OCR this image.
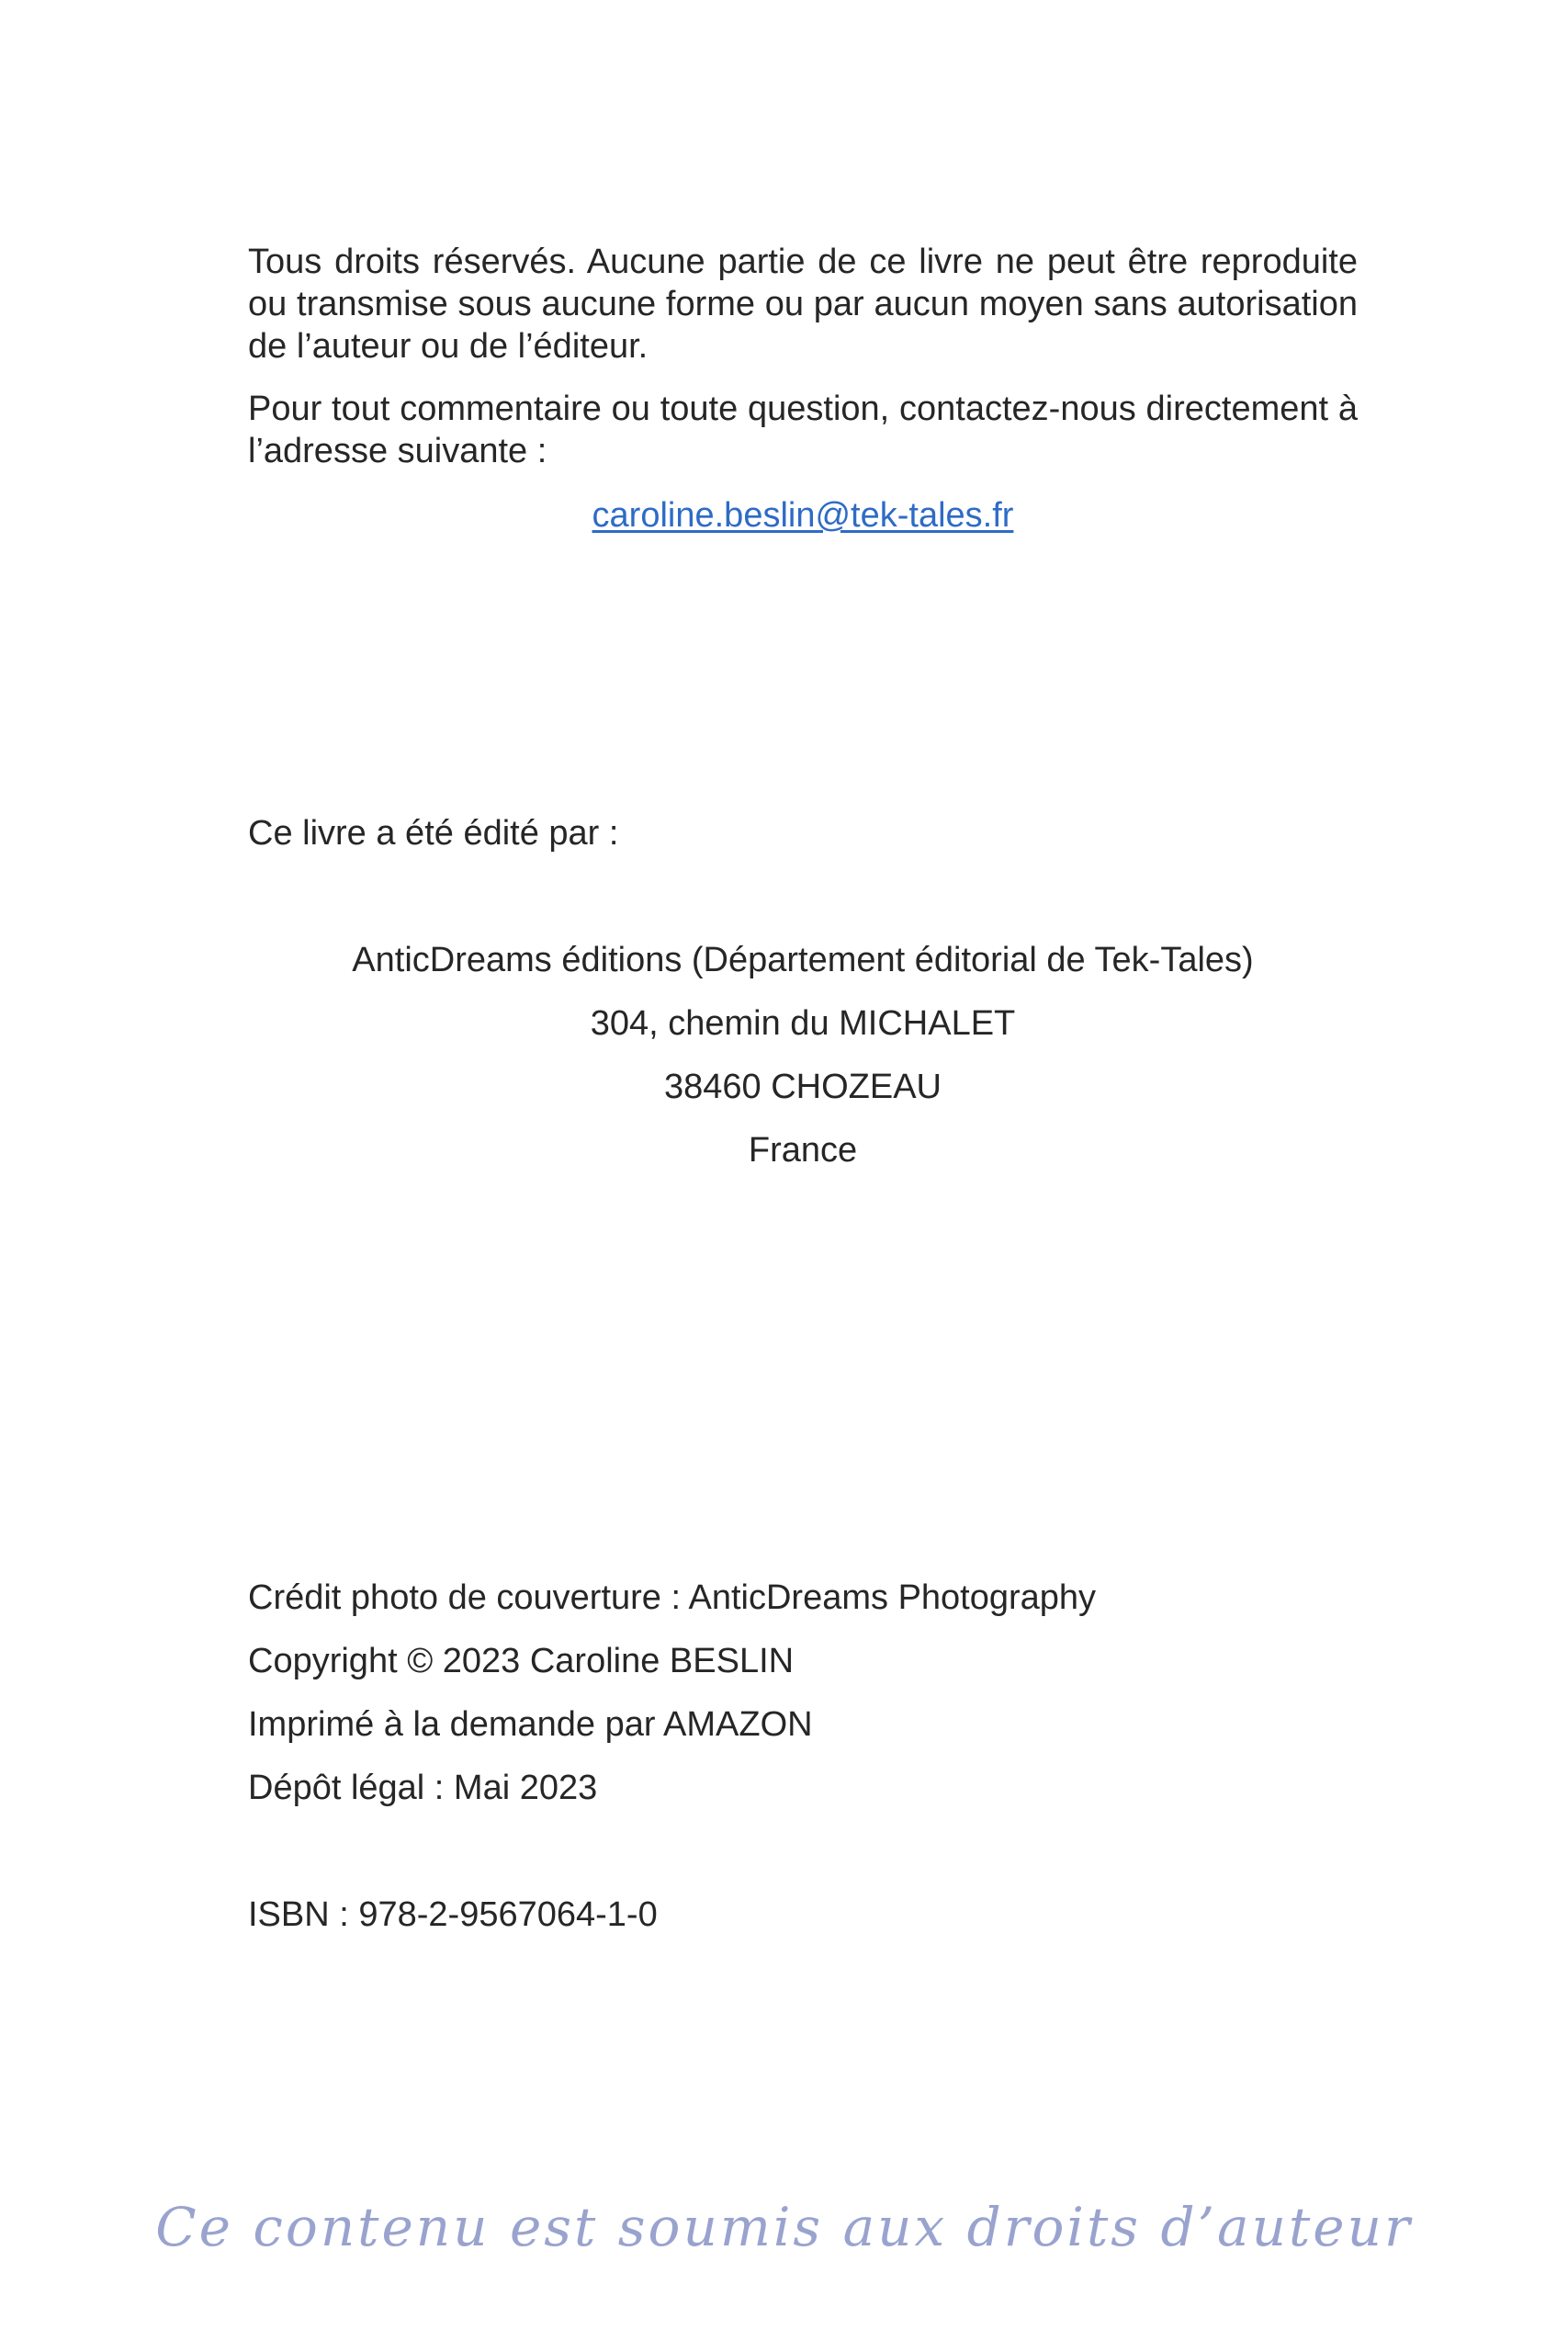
Tous droits réservés. Aucune partie de ce livre ne peut être reproduite ou transmise sous aucune forme ou par aucun moyen sans autorisation de l’auteur ou de l’éditeur.

Pour tout commentaire ou toute question, contactez-nous directement à l’adresse suivante :

caroline.beslin@tek-tales.fr
Ce livre a été édité par :
AnticDreams éditions (Département éditorial de Tek-Tales)
304, chemin du MICHALET
38460 CHOZEAU
France
Crédit photo de couverture : AnticDreams Photography
Copyright © 2023 Caroline BESLIN
Imprimé à la demande par AMAZON
Dépôt légal : Mai 2023
ISBN : 978-2-9567064-1-0
Ce contenu est soumis aux droits d’auteur
